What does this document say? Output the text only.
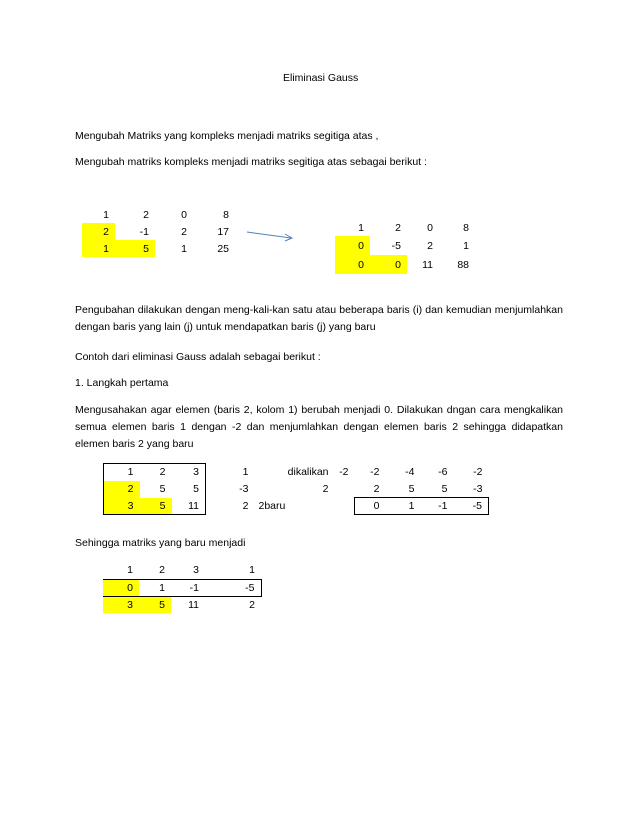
Eliminasi Gauss
Mengubah Matriks yang kompleks menjadi matriks segitiga atas ,
Mengubah matriks kompleks menjadi matriks segitiga atas sebagai berikut :
1	2	0	8
2	-1	2	17
1	5	1	25
1	2	0	8
0	-5	2	1
0	0	11	88
Pengubahan dilakukan dengan meng-kali-kan satu atau beberapa baris (i) dan kemudian menjumlahkan dengan baris yang lain (j) untuk mendapatkan baris (j) yang baru
Contoh dari eliminasi Gauss adalah sebagai berikut :
1. Langkah pertama
Mengusahakan agar elemen (baris 2, kolom 1) berubah menjadi 0. Dilakukan dngan cara mengkalikan semua elemen baris 1 dengan -2 dan menjumlahkan dengan elemen baris 2 sehingga didapatkan elemen baris 2 yang baru
1	2	3	1	dikalikan	-2	-2	-4	-6	-2
2	5	5	-3	2		2	5	5	-3
3	5	11	2	2baru		0	1	-1	-5
Sehingga matriks yang baru menjadi
1	2	3	1
0	1	-1	-5
3	5	11	2
